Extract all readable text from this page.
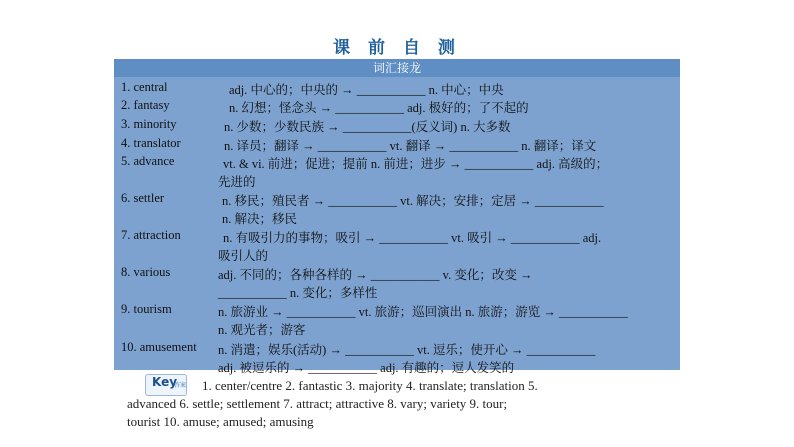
课 前 自 测
词汇接龙
1. central	adj. 中心的；中央的 → ___________ n. 中心；中央
2. fantasy	n. 幻想；怪念头 → ___________ adj. 极好的；了不起的
3. minority	n. 少数；少数民族 → ___________(反义词) n. 大多数
4. translator	n. 译员；翻译 → ___________ vt. 翻译 → ___________ n. 翻译；译文
5. advance	vt. & vi. 前进；促进；提前 n. 前进；进步 → ___________ adj. 高级的；
先进的
6. settler	n. 移民；殖民者 → ___________ vt. 解决；安排；定居 → ___________
n. 解决；移民
7. attraction	n. 有吸引力的事物；吸引 → ___________ vt. 吸引 → ___________ adj.
吸引人的
8. various	adj. 不同的；各种各样的 → ___________ v. 变化；改变 →
___________ n. 变化；多样性
9. tourism	n. 旅游业 → ___________ vt. 旅游；巡回演出 n. 旅游；游览 → ___________
n. 观光者；游客
10. amusement n. 消遣；娱乐(活动) → ___________ vt. 逗乐；使开心 → ___________
adj. 被逗乐的 → ___________ adj. 有趣的；逗人发笑的
Key
答案 1. center/centre 2. fantastic 3. majority 4. translate; translation 5.
advanced 6. settle; settlement 7. attract; attractive 8. vary; variety 9. tour;
tourist 10. amuse; amused; amusing
